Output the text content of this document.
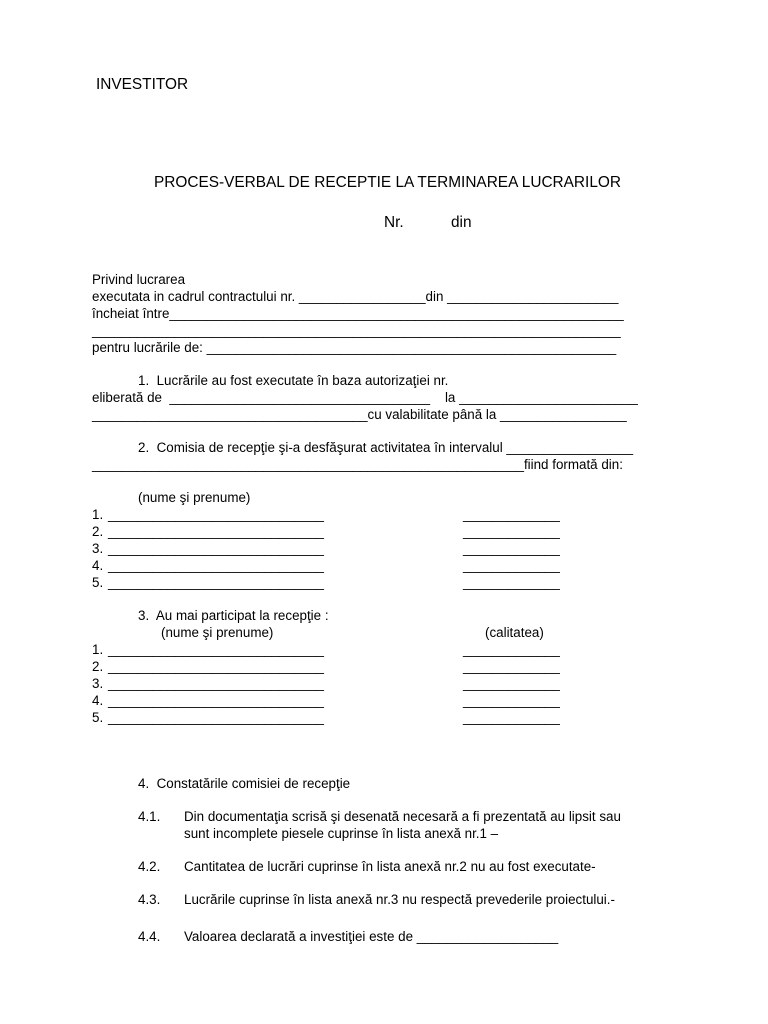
INVESTITOR
PROCES-VERBAL DE RECEPTIE LA TERMINAREA LUCRARILOR
Nr.	din
Privind lucrarea
executata in cadrul contractului nr. _________________din _______________________
încheiat între_____________________________________________________________
_______________________________________________________________________
pentru lucrările de: _______________________________________________________
1.  Lucrările au fost executate în baza autorizaţiei nr.
eliberată de  ___________________________________    la ________________________
_____________________________________cu valabilitate până la _________________
2.  Comisia de recepţie şi-a desfăşurat activitatea în intervalul _________________
__________________________________________________________fiind formată din:
(nume şi prenume)
1. _____________________________	_____________
2. _____________________________	_____________
3. _____________________________	_____________
4. _____________________________	_____________
5. _____________________________	_____________
3.  Au mai participat la recepţie :
(nume şi prenume)	(calitatea)
1. _____________________________	_____________
2. _____________________________	_____________
3. _____________________________	_____________
4. _____________________________	_____________
5. _____________________________	_____________
4.  Constatările comisiei de recepţie
4.1. Din documentaţia scrisă şi desenată necesară a fi prezentată au lipsit sau
sunt incomplete piesele cuprinse în lista anexă nr.1 –
4.2. Cantitatea de lucrări cuprinse în lista anexă nr.2 nu au fost executate-
4.3. Lucrările cuprinse în lista anexă nr.3 nu respectă prevederile proiectului.-
4.4. Valoarea declarată a investiţiei este de ___________________
